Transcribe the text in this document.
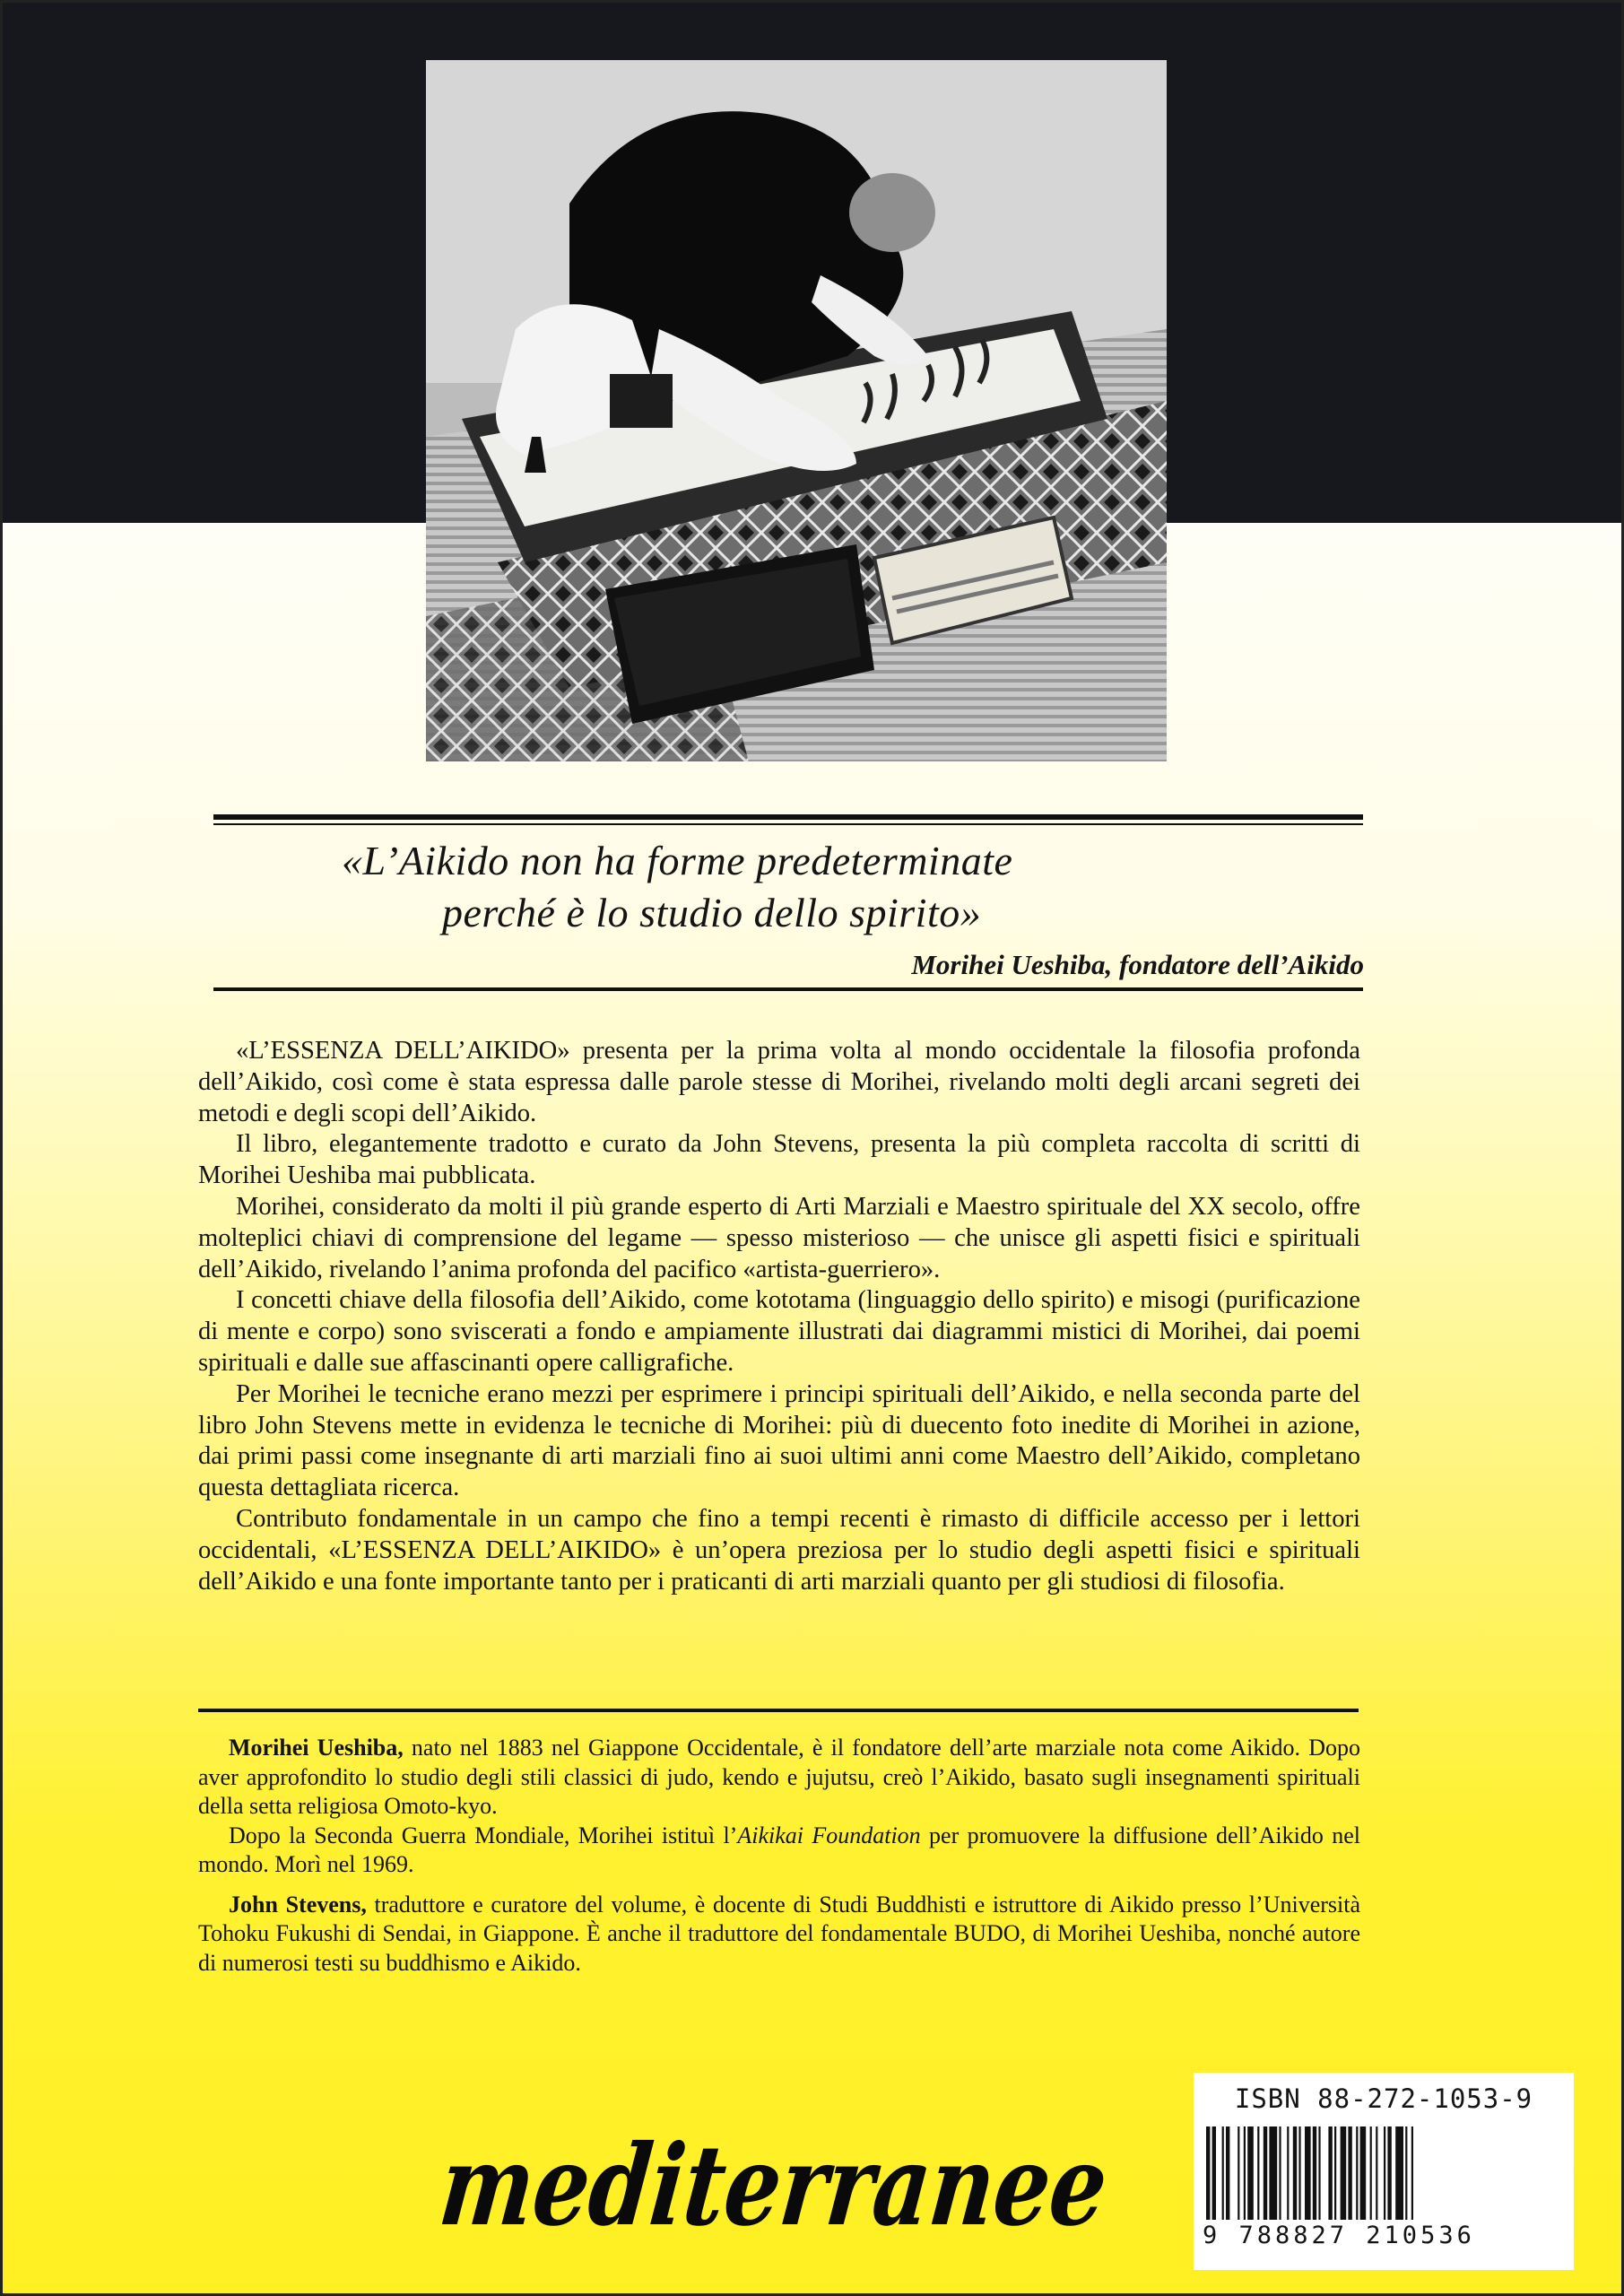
«L’Aikido non ha forme predeterminate
perché è lo studio dello spirito»
Morihei Ueshiba, fondatore dell’Aikido

«L’ESSENZA DELL’AIKIDO» presenta per la prima volta al mondo occidentale la filosofia profonda dell’Aikido, così come è stata espressa dalle parole stesse di Morihei, rivelando molti degli arcani segreti dei metodi e degli scopi dell’Aikido.

Il libro, elegantemente tradotto e curato da John Stevens, presenta la più completa raccolta di scritti di Morihei Ueshiba mai pubblicata.

Morihei, considerato da molti il più grande esperto di Arti Marziali e Maestro spirituale del XX secolo, offre molteplici chiavi di comprensione del legame — spesso misterioso — che unisce gli aspetti fisici e spirituali dell’Aikido, rivelando l’anima profonda del pacifico «artista-guerriero».

I concetti chiave della filosofia dell’Aikido, come kototama (linguaggio dello spirito) e misogi (purificazione di mente e corpo) sono sviscerati a fondo e ampiamente illustrati dai diagrammi mistici di Morihei, dai poemi spirituali e dalle sue affascinanti opere calligrafiche.

Per Morihei le tecniche erano mezzi per esprimere i principi spirituali dell’Aikido, e nella seconda parte del libro John Stevens mette in evidenza le tecniche di Morihei: più di duecento foto inedite di Morihei in azione, dai primi passi come insegnante di arti marziali fino ai suoi ultimi anni come Maestro dell’Aikido, completano questa dettagliata ricerca.

Contributo fondamentale in un campo che fino a tempi recenti è rimasto di difficile accesso per i lettori occidentali, «L’ESSENZA DELL’AIKIDO» è un’opera preziosa per lo studio degli aspetti fisici e spirituali dell’Aikido e una fonte importante tanto per i praticanti di arti marziali quanto per gli studiosi di filosofia.

Morihei Ueshiba, nato nel 1883 nel Giappone Occidentale, è il fondatore dell’arte marziale nota come Aikido. Dopo aver approfondito lo studio degli stili classici di judo, kendo e jujutsu, creò l’Aikido, basato sugli insegnamenti spirituali della setta religiosa Omoto-kyo.

Dopo la Seconda Guerra Mondiale, Morihei istituì l’Aikikai Foundation per promuovere la diffusione dell’Aikido nel mondo. Morì nel 1969.

John Stevens, traduttore e curatore del volume, è docente di Studi Buddhisti e istruttore di Aikido presso l’Università Tohoku Fukushi di Sendai, in Giappone. È anche il traduttore del fondamentale BUDO, di Morihei Ueshiba, nonché autore di numerosi testi su buddhismo e Aikido.

mediterranee
ISBN 88-272-1053-9
9 788827 210536
